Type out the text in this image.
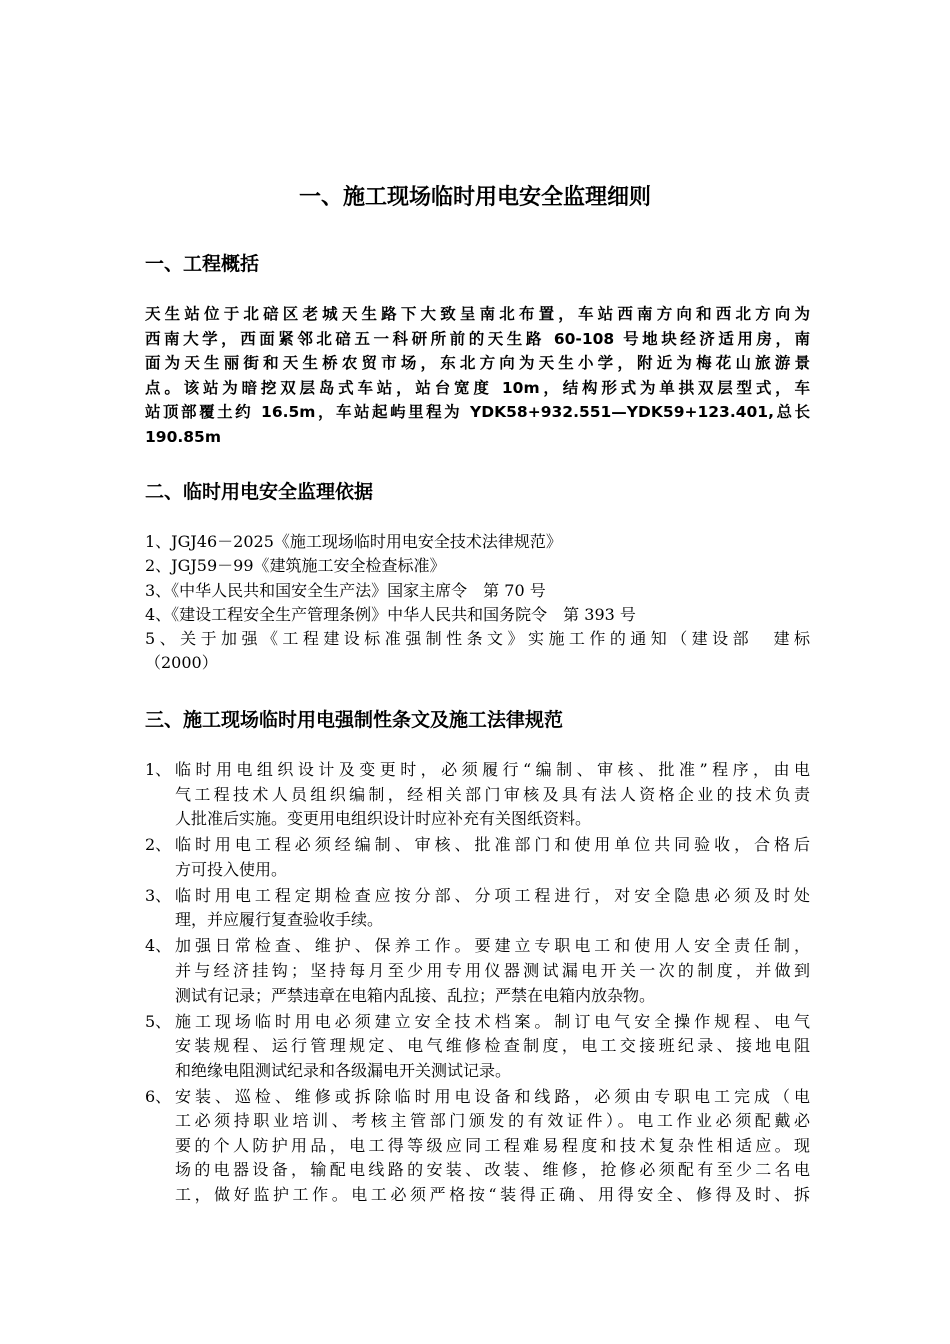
一、施工现场临时用电安全监理细则
一、工程概括
天生站位于北碚区老城天生路下大致呈南北布置，车站西南方向和西北方向为
西南大学，西面紧邻北碚五一科研所前的天生路 60-108 号地块经济适用房，南
面为天生丽街和天生桥农贸市场，东北方向为天生小学，附近为梅花山旅游景
点。该站为暗挖双层岛式车站，站台宽度 10m，结构形式为单拱双层型式，车
站顶部覆土约 16.5m，车站起屿里程为 YDK58+932.551—YDK59+123.401,总长
190.85m
二、临时用电安全监理依据
1、JGJ46－2025《施工现场临时用电安全技术法律规范》
2、JGJ59－99《建筑施工安全检查标准》
3、《中华人民共和国安全生产法》国家主席令　第 70 号
4、《建设工程安全生产管理条例》中华人民共和国务院令　第 393 号
5、关于加强《工程建设标准强制性条文》实施工作的通知（建设部　建标
（2000）
三、施工现场临时用电强制性条文及施工法律规范
1、 临时用电组织设计及变更时，必须履行“编制、审核、批准”程序，由电
气工程技术人员组织编制，经相关部门审核及具有法人资格企业的技术负责
人批准后实施。变更用电组织设计时应补充有关图纸资料。
2、 临时用电工程必须经编制、审核、批准部门和使用单位共同验收，合格后
方可投入使用。
3、 临时用电工程定期检查应按分部、分项工程进行，对安全隐患必须及时处
理，并应履行复查验收手续。
4、 加强日常检查、维护、保养工作。要建立专职电工和使用人安全责任制，
并与经济挂钩；坚持每月至少用专用仪器测试漏电开关一次的制度，并做到
测试有记录；严禁违章在电箱内乱接、乱拉；严禁在电箱内放杂物。
5、 施工现场临时用电必须建立安全技术档案。制订电气安全操作规程、电气
安装规程、运行管理规定、电气维修检查制度，电工交接班纪录、接地电阻
和绝缘电阻测试纪录和各级漏电开关测试记录。
6、 安装、巡检、维修或拆除临时用电设备和线路，必须由专职电工完成（电
工必须持职业培训、考核主管部门颁发的有效证件）。电工作业必须配戴必
要的个人防护用品，电工得等级应同工程难易程度和技术复杂性相适应。现
场的电器设备，输配电线路的安装、改装、维修，抢修必须配有至少二名电
工，做好监护工作。电工必须严格按“装得正确、用得安全、修得及时、拆
